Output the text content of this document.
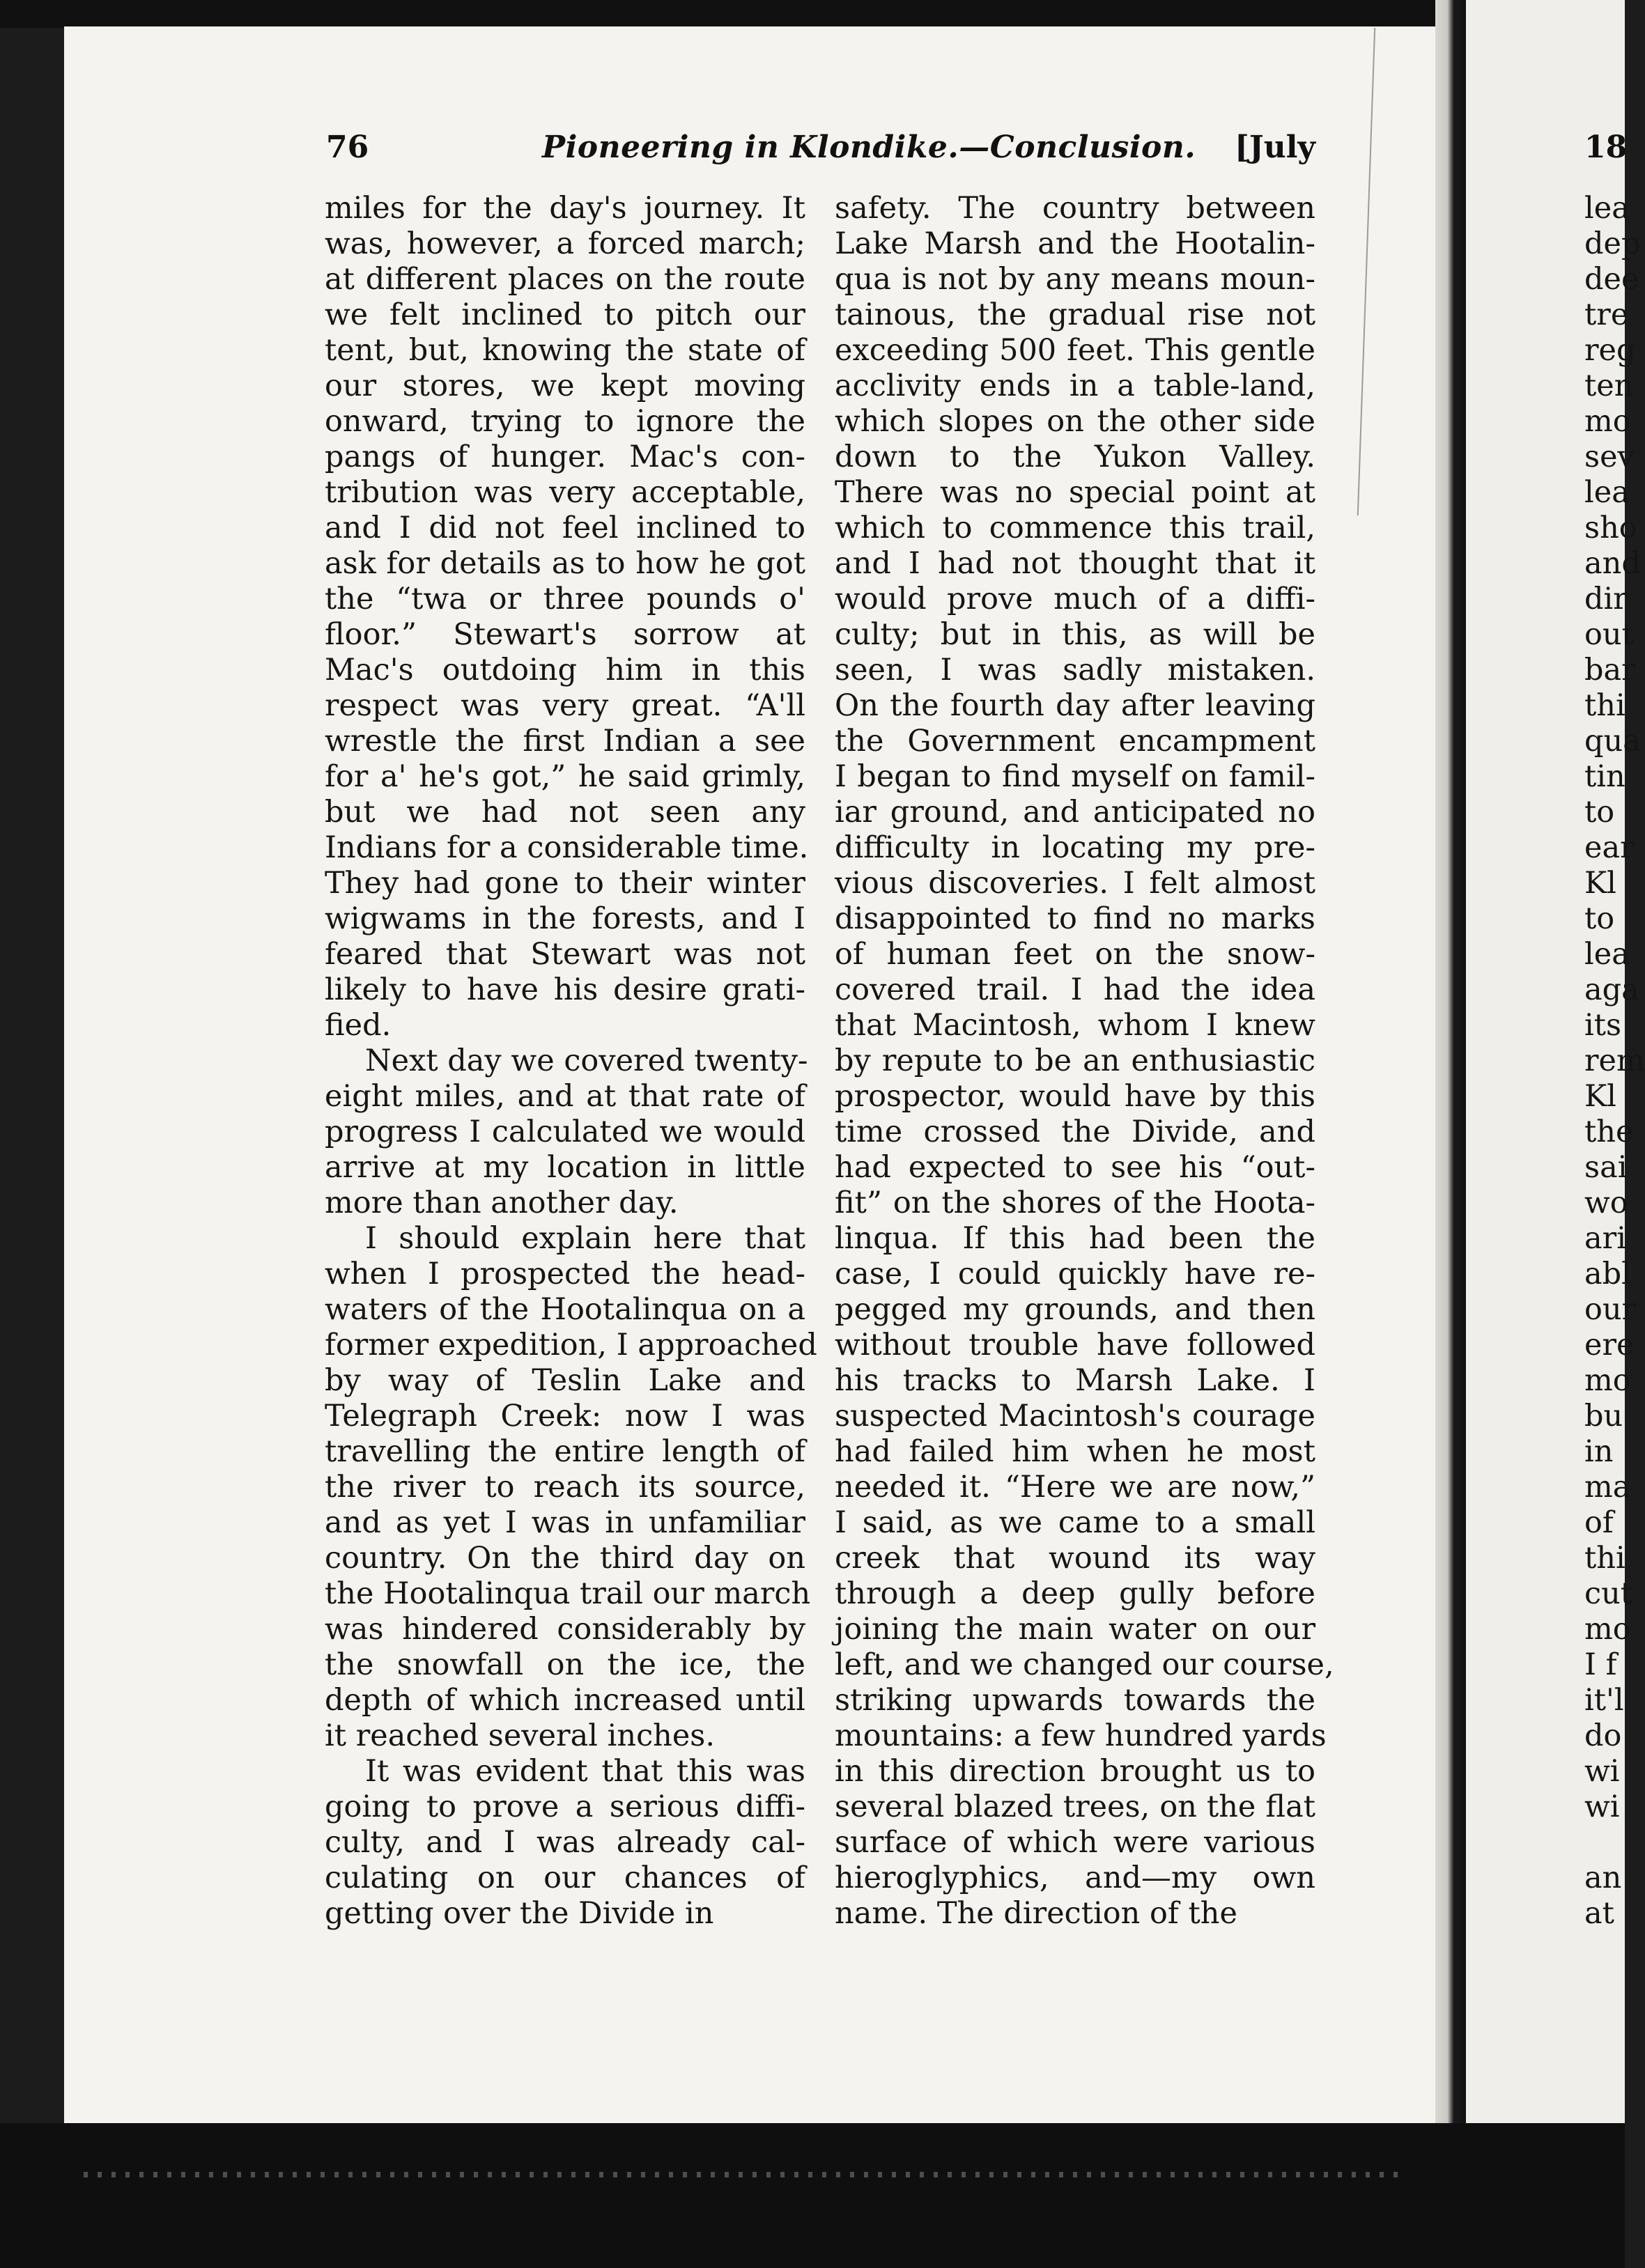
18
lea
dep
dee
tre
reg
ten
mo
sev
lea
sho
and
dir
out
bar
thi
qua
tin
to
ear
Kl
to
lea
aga
its
rem
Kl
the
sai
wo
ari
abl
our
ere
mo
bu
in
ma
of
thi
cut
mo
I f
it'l
do
wi
wi
an
at
76	Pioneering in Klondike.—Conclusion. [July
miles for the day's journey. It
was, however, a forced march;
at different places on the route
we felt inclined to pitch our
tent, but, knowing the state of
our stores, we kept moving
onward, trying to ignore the
pangs of hunger. Mac's con-
tribution was very acceptable,
and I did not feel inclined to
ask for details as to how he got
the “twa or three pounds o'
floor.” Stewart's sorrow at
Mac's outdoing him in this
respect was very great. “A'll
wrestle the first Indian a see
for a' he's got,” he said grimly,
but we had not seen any
Indians for a considerable time.
They had gone to their winter
wigwams in the forests, and I
feared that Stewart was not
likely to have his desire grati-
fied.
Next day we covered twenty-
eight miles, and at that rate of
progress I calculated we would
arrive at my location in little
more than another day.
I should explain here that
when I prospected the head-
waters of the Hootalinqua on a
former expedition, I approached
by way of Teslin Lake and
Telegraph Creek: now I was
travelling the entire length of
the river to reach its source,
and as yet I was in unfamiliar
country. On the third day on
the Hootalinqua trail our march
was hindered considerably by
the snowfall on the ice, the
depth of which increased until
it reached several inches.
It was evident that this was
going to prove a serious diffi-
culty, and I was already cal-
culating on our chances of
getting over the Divide in
safety. The country between
Lake Marsh and the Hootalin-
qua is not by any means moun-
tainous, the gradual rise not
exceeding 500 feet. This gentle
acclivity ends in a table-land,
which slopes on the other side
down to the Yukon Valley.
There was no special point at
which to commence this trail,
and I had not thought that it
would prove much of a diffi-
culty; but in this, as will be
seen, I was sadly mistaken.
On the fourth day after leaving
the Government encampment
I began to find myself on famil-
iar ground, and anticipated no
difficulty in locating my pre-
vious discoveries. I felt almost
disappointed to find no marks
of human feet on the snow-
covered trail. I had the idea
that Macintosh, whom I knew
by repute to be an enthusiastic
prospector, would have by this
time crossed the Divide, and
had expected to see his “out-
fit” on the shores of the Hoota-
linqua. If this had been the
case, I could quickly have re-
pegged my grounds, and then
without trouble have followed
his tracks to Marsh Lake. I
suspected Macintosh's courage
had failed him when he most
needed it. “Here we are now,”
I said, as we came to a small
creek that wound its way
through a deep gully before
joining the main water on our
left, and we changed our course,
striking upwards towards the
mountains: a few hundred yards
in this direction brought us to
several blazed trees, on the flat
surface of which were various
hieroglyphics, and—my own
name. The direction of the
